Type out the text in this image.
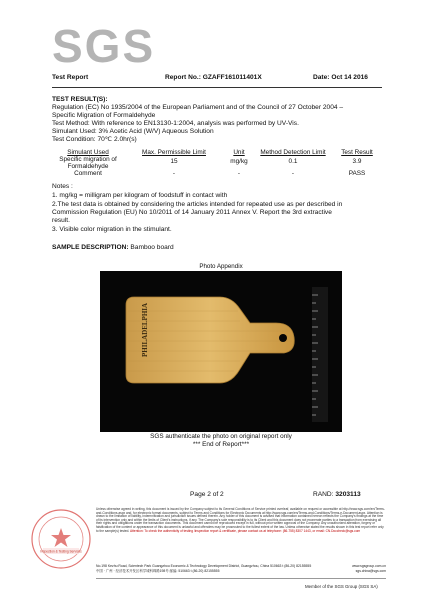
SGS
Test Report	Report No.: GZAFF161011401X	Date: Oct 14 2016
TEST RESULT(S):
Regulation (EC) No 1935/2004 of the European Parliament and of the Council of 27 October 2004 –
Specific Migration of Formaldehyde
Test Method: With reference to EN13130-1:2004, analysis was performed by UV-Vis.
Simulant Used: 3% Acetic Acid (W/V) Aqueous Solution
Test Condition: 70℃ 2.0hr(s)
Simulant Used	Max. Permissible Limit	Unit	Method Detection Limit	Test Result
Specific migration of Formaldehyde	15	mg/kg	0.1	3.9
Comment	-	-	-	PASS
Notes :
1. mg/kg = milligram per kilogram of foodstuff in contact with
2.The test data is obtained by considering the articles intended for repeated use as per described in
Commission Regulation (EU) No 10/2011 of 14 January 2011 Annex V. Report the 3rd extractive
result.
3. Visible color migration in the stimulant.
SAMPLE DESCRIPTION: Bamboo board
Photo Appendix
PHILADELPHIA
SGS authenticate the photo on original report only
*** End of Report***
Page 2 of 2	RAND: 3203113
Inspection & Testing Services
Unless otherwise agreed in writing, this document is issued by the Company subject to its General Conditions of Service printed overleaf, available on request or accessible at http://www.sgs.com/en/Terms-and-Conditions.aspx and, for electronic format documents, subject to Terms and Conditions for Electronic Documents at http://www.sgs.com/en/Terms-and-Conditions/Terms-e-Document.aspx. Attention is drawn to the limitation of liability, indemnification and jurisdiction issues defined therein. Any holder of this document is advised that information contained hereon reflects the Company's findings at the time of its intervention only and within the limits of Client's instructions, if any. The Company's sole responsibility is to its Client and this document does not exonerate parties to a transaction from exercising all their rights and obligations under the transaction documents. This document cannot be reproduced except in full, without prior written approval of the Company. Any unauthorized alteration, forgery or falsification of the content or appearance of this document is unlawful and offenders may be prosecuted to the fullest extent of the law. Unless otherwise stated the results shown in this test report refer only to the sample(s) tested. Attention: To check the authenticity of testing /inspection report & certificate, please contact us at telephone: (86-755) 8307 1443, or email: CN.Doccheck@sgs.com
No.198 Kezhu Road, Scientech Park Guangzhou Economic & Technology Development District, Guangzhou, China 510663 t (86-20) 82155555	www.sgsgroup.com.cn
中国 · 广州 · 经济技术开发区科学城科珠路198号 邮编: 510663 t (86-20) 82155555	sgs.china@sgs.com
Member of the SGS Group (SGS SA)
